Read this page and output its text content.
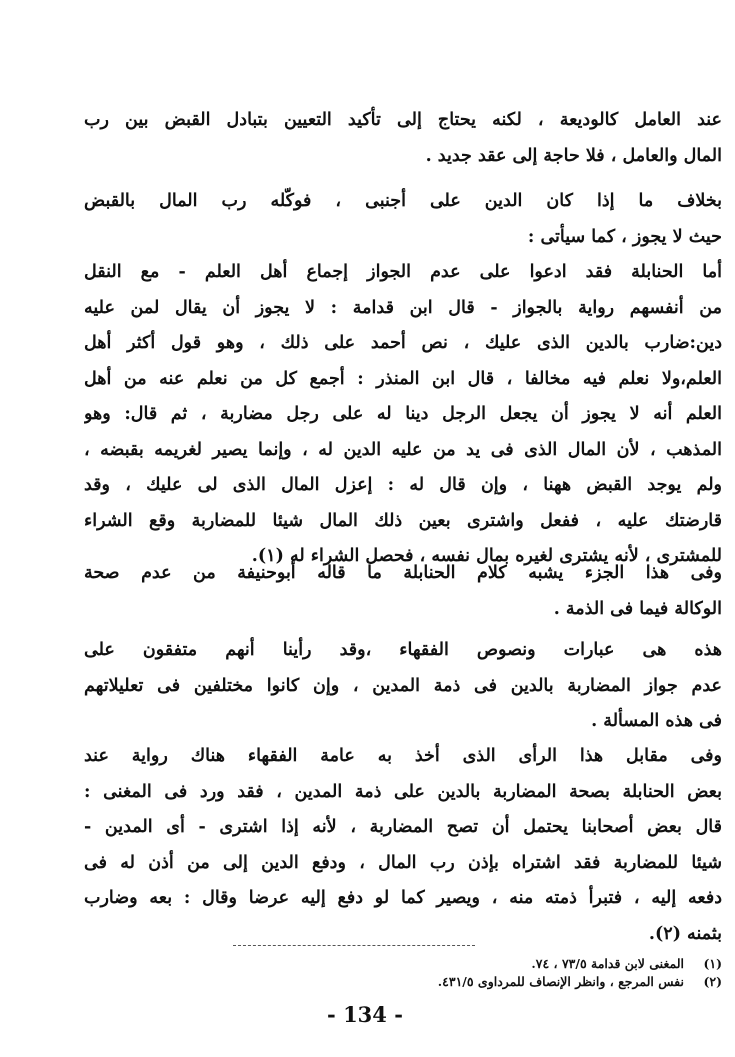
عند العامل كالوديعة ، لكنه يحتاج إلى تأكيد التعيين بتبادل القبض بين رب
المال والعامل ، فلا حاجة إلى عقد جديد .
بخلاف ما إذا كان الدين على أجنبى ، فوكّله رب المال بالقبض
حيث لا يجوز ، كما سيأتى :
أما الحنابلة فقد ادعوا على عدم الجواز إجماع أهل العلم - مع النقل
من أنفسهم رواية بالجواز - قال ابن قدامة : لا يجوز أن يقال لمن عليه
دين:ضارب بالدين الذى عليك ، نص أحمد على ذلك ، وهو قول أكثر أهل
العلم،ولا نعلم فيه مخالفا ، قال ابن المنذر : أجمع كل من نعلم عنه من أهل
العلم أنه لا يجوز أن يجعل الرجل دينا له على رجل مضاربة ، ثم قال: وهو
المذهب ، لأن المال الذى فى يد من عليه الدين له ، وإنما يصير لغريمه بقبضه ،
ولم يوجد القبض ههنا ، وإن قال له : إعزل المال الذى لى عليك ، وقد
قارضتك عليه ، ففعل واشترى بعين ذلك المال شيئا للمضاربة وقع الشراء
للمشترى ، لأنه يشترى لغيره بمال نفسه ، فحصل الشراء له (١).
وفى هذا الجزء يشبه كلام الحنابلة ما قاله أبوحنيفة من عدم صحة
الوكالة فيما فى الذمة .
هذه هى عبارات ونصوص الفقهاء ،وقد رأينا أنهم متفقون على
عدم جواز المضاربة بالدين فى ذمة المدين ، وإن كانوا مختلفين فى تعليلاتهم
فى هذه المسألة .
وفى مقابل هذا الرأى الذى أخذ به عامة الفقهاء هناك رواية عند
بعض الحنابلة بصحة المضاربة بالدين على ذمة المدين ، فقد ورد فى المغنى :
قال بعض أصحابنا يحتمل أن تصح المضاربة ، لأنه إذا اشترى - أى المدين -
شيئا للمضاربة فقد اشتراه بإذن رب المال ، ودفع الدين إلى من أذن له فى
دفعه إليه ، فتبرأ ذمته منه ، ويصير كما لو دفع إليه عرضا وقال : بعه وضارب
بثمنه (٢).
(١)المغنى لابن قدامة ٧٣/٥ ، ٧٤.
(٢)نفس المرجع ، وانظر الإنصاف للمرداوى ٤٣١/٥.
- 134 -
